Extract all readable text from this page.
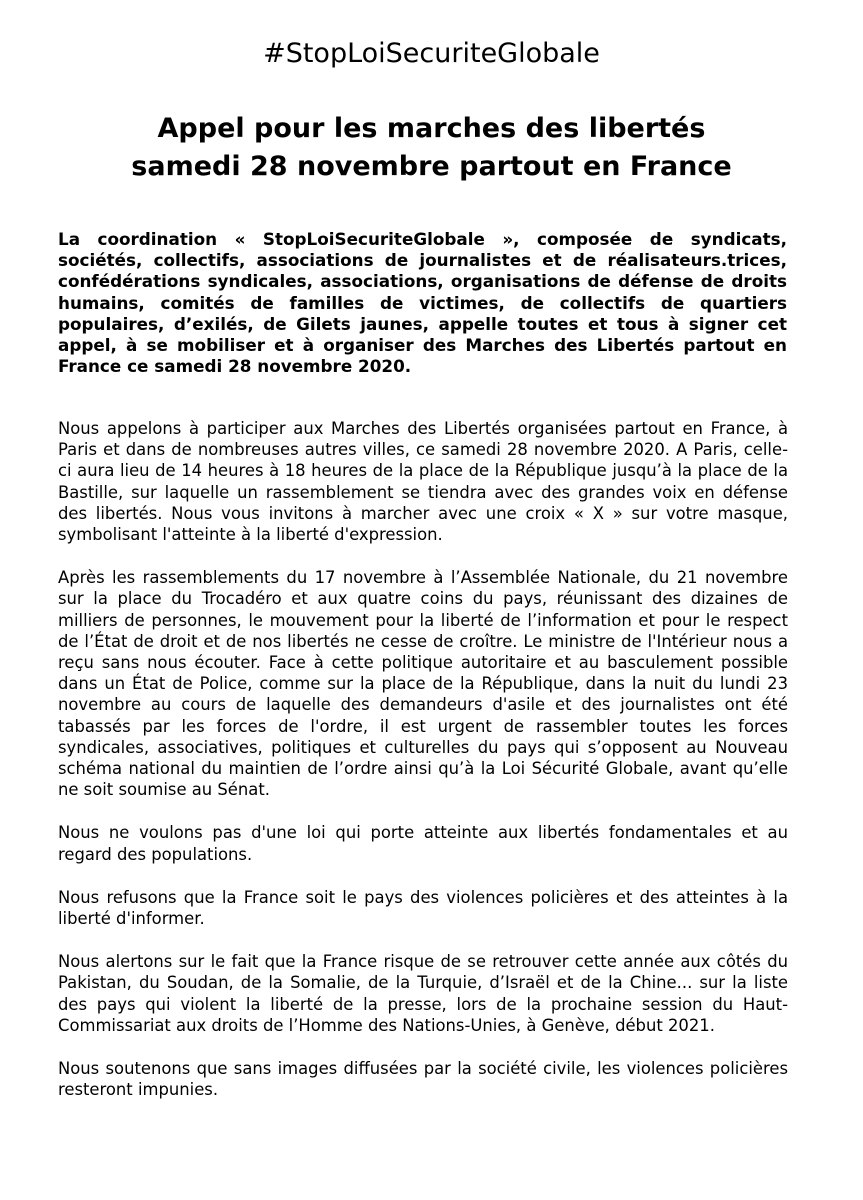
#StopLoiSecuriteGlobale
Appel pour les marches des libertés
samedi 28 novembre partout en France

La coordination « StopLoiSecuriteGlobale », composée de syndicats, sociétés, collectifs, associations de journalistes et de réalisateurs.trices, confédérations syndicales, associations, organisations de défense de droits humains, comités de familles de victimes, de collectifs de quartiers populaires, d’exilés, de Gilets jaunes, appelle toutes et tous à signer cet appel, à se mobiliser et à organiser des Marches des Libertés partout en France ce samedi 28 novembre 2020.

Nous appelons à participer aux Marches des Libertés organisées partout en France, à Paris et dans de nombreuses autres villes, ce samedi 28 novembre 2020. A Paris, celle-ci aura lieu de 14 heures à 18 heures de la place de la République jusqu’à la place de la Bastille, sur laquelle un rassemblement se tiendra avec des grandes voix en défense des libertés. Nous vous invitons à marcher avec une croix « X » sur votre masque, symbolisant l'atteinte à la liberté d'expression.

Après les rassemblements du 17 novembre à l’Assemblée Nationale, du 21 novembre sur la place du Trocadéro et aux quatre coins du pays, réunissant des dizaines de milliers de personnes, le mouvement pour la liberté de l’information et pour le respect de l’État de droit et de nos libertés ne cesse de croître. Le ministre de l'Intérieur nous a reçu sans nous écouter. Face à cette politique autoritaire et au basculement possible dans un État de Police, comme sur la place de la République, dans la nuit du lundi 23 novembre au cours de laquelle des demandeurs d'asile et des journalistes ont été tabassés par les forces de l'ordre, il est urgent de rassembler toutes les forces syndicales, associatives, politiques et culturelles du pays qui s’opposent au Nouveau schéma national du maintien de l’ordre ainsi qu’à la Loi Sécurité Globale, avant qu’elle ne soit soumise au Sénat.

Nous ne voulons pas d'une loi qui porte atteinte aux libertés fondamentales et au regard des populations.

Nous refusons que la France soit le pays des violences policières et des atteintes à la liberté d'informer.

Nous alertons sur le fait que la France risque de se retrouver cette année aux côtés du Pakistan, du Soudan, de la Somalie, de la Turquie, d’Israël et de la Chine... sur la liste des pays qui violent la liberté de la presse, lors de la prochaine session du Haut-Commissariat aux droits de l’Homme des Nations-Unies, à Genève, début 2021.

Nous soutenons que sans images diffusées par la société civile, les violences policières resteront impunies.
